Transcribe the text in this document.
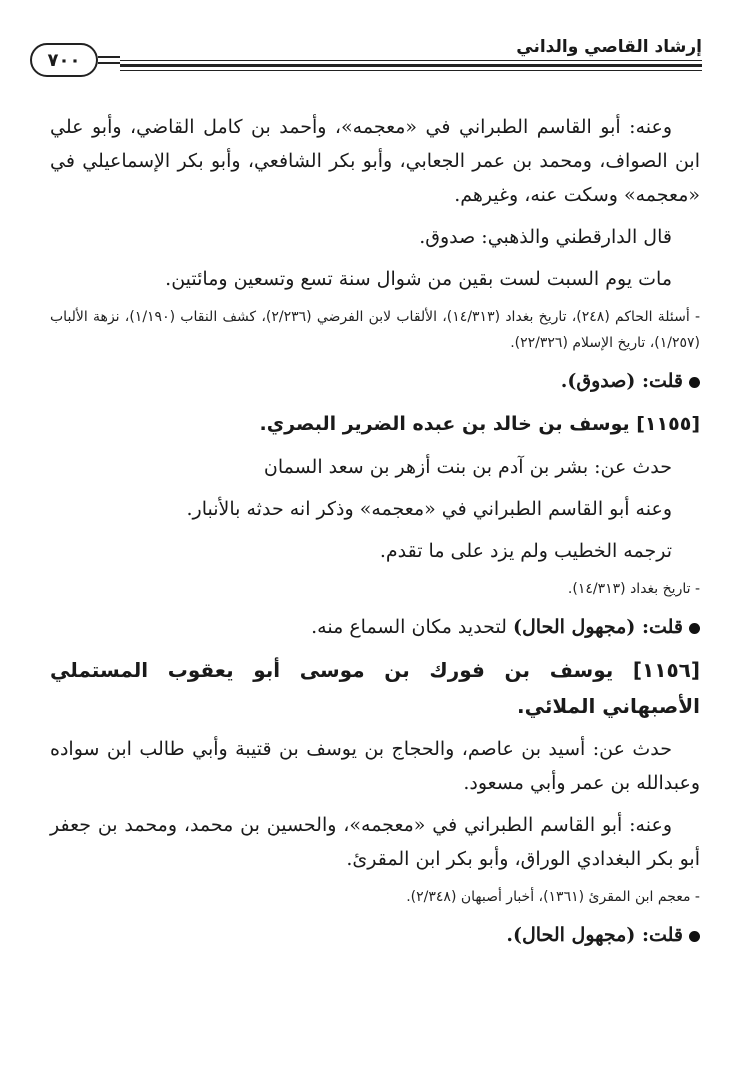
إرشاد القاصي والداني
٧٠٠

وعنه: أبو القاسم الطبراني في «معجمه»، وأحمد بن كامل القاضي، وأبو علي ابن الصواف، ومحمد بن عمر الجعابي، وأبو بكر الشافعي، وأبو بكر الإسماعيلي في «معجمه» وسكت عنه، وغيرهم.

قال الدارقطني والذهبي: صدوق.

مات يوم السبت لست بقين من شوال سنة تسع وتسعين ومائتين.

- أسئلة الحاكم (٢٤٨)، تاريخ بغداد (١٤/٣١٣)، الألقاب لابن الفرضي (٢/٢٣٦)، كشف النقاب (١/١٩٠)، نزهة الألباب (١/٢٥٧)، تاريخ الإسلام (٢٢/٣٢٦).

قلت: (صدوق).

[١١٥٥] يوسف بن خالد بن عبده الضرير البصري.

حدث عن: بشر بن آدم بن بنت أزهر بن سعد السمان

وعنه أبو القاسم الطبراني في «معجمه» وذكر انه حدثه بالأنبار.

ترجمه الخطيب ولم يزد على ما تقدم.

- تاريخ بغداد (١٤/٣١٣).

قلت: (مجهول الحال) لتحديد مكان السماع منه.

[١١٥٦] يوسف بن فورك بن موسى أبو يعقوب المستملي الأصبهاني الملائي.

حدث عن: أسيد بن عاصم، والحجاج بن يوسف بن قتيبة وأبي طالب ابن سواده وعبدالله بن عمر وأبي مسعود.

وعنه: أبو القاسم الطبراني في «معجمه»، والحسين بن محمد، ومحمد بن جعفر أبو بكر البغدادي الوراق، وأبو بكر ابن المقرئ.

- معجم ابن المقرئ (١٣٦١)، أخبار أصبهان (٢/٣٤٨).

قلت: (مجهول الحال).
